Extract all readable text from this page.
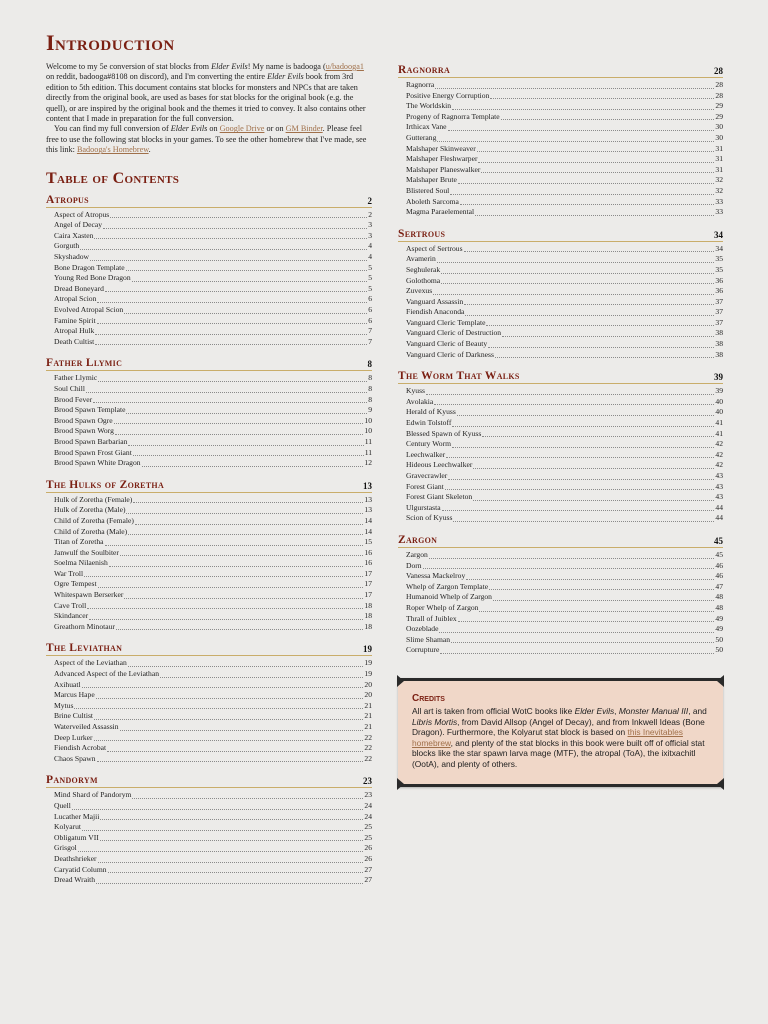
Introduction

Welcome to my 5e conversion of stat blocks from Elder Evils! My name is badooga (u/badooga1 on reddit, badooga#8108 on discord), and I'm converting the entire Elder Evils book from 3rd edition to 5th edition. This document contains stat blocks for monsters and NPCs that are taken directly from the original book, are used as bases for stat blocks for the original book (e.g. the quell), or are inspired by the original book and the themes it tried to convey. It also contains other content that I made in preparation for the full conversion.

You can find my full conversion of Elder Evils on Google Drive or on GM Binder. Please feel free to use the following stat blocks in your games. To see the other homebrew that I've made, see this link: Badooga's Homebrew.

Table of Contents
Atropus	2
Aspect of Atropus	2
Angel of Decay	3
Caira Xasten	3
Gorguth	4
Skyshadow	4
Bone Dragon Template	5
Young Red Bone Dragon	5
Dread Boneyard	5
Atropal Scion	6
Evolved Atropal Scion	6
Famine Spirit	6
Atropal Hulk	7
Death Cultist	7
Father Llymic	8
Father Llymic	8
Soul Chill	8
Brood Fever	8
Brood Spawn Template	9
Brood Spawn Ogre	10
Brood Spawn Worg	10
Brood Spawn Barbarian	11
Brood Spawn Frost Giant	11
Brood Spawn White Dragon	12
The Hulks of Zoretha	13
Hulk of Zoretha (Female)	13
Hulk of Zoretha (Male)	13
Child of Zoretha (Female)	14
Child of Zoretha (Male)	14
Titan of Zoretha	15
Janwulf the Soulbiter	16
Soelma Nilaenish	16
War Troll	17
Ogre Tempest	17
Whitespawn Berserker	17
Cave Troll	18
Skindancer	18
Greathorn Minotaur	18
The Leviathan	19
Aspect of the Leviathan	19
Advanced Aspect of the Leviathan	19
Axihuatl	20
Marcus Hape	20
Mytus	21
Brine Cultist	21
Waterveiled Assassin	21
Deep Lurker	22
Fiendish Acrobat	22
Chaos Spawn	22
Pandorym	23
Mind Shard of Pandorym	23
Quell	24
Lucather Majii	24
Kolyarut	25
Obligatum VII	25
Grisgol	26
Deathshrieker	26
Caryatid Column	27
Dread Wraith	27
Ragnorra	28
Ragnorra	28
Positive Energy Corruption	28
The Worldskin	29
Progeny of Ragnorra Template	29
Irthicax Vane	30
Gutterang	30
Malshaper Skinweaver	31
Malshaper Fleshwarper	31
Malshaper Planeswalker	31
Malshaper Brute	32
Blistered Soul	32
Aboleth Sarcoma	33
Magma Paraelemental	33
Sertrous	34
Aspect of Sertrous	34
Avamerin	35
Seghulerak	35
Golothoma	36
Zuvexus	36
Vanguard Assassin	37
Fiendish Anaconda	37
Vanguard Cleric Template	37
Vanguard Cleric of Destruction	38
Vanguard Cleric of Beauty	38
Vanguard Cleric of Darkness	38
The Worm That Walks	39
Kyuss	39
Avolakia	40
Herald of Kyuss	40
Edwin Tolstoff	41
Blessed Spawn of Kyuss	41
Century Worm	42
Leechwalker	42
Hideous Leechwalker	42
Gravecrawler	43
Forest Giant	43
Forest Giant Skeleton	43
Ulgurstasta	44
Scion of Kyuss	44
Zargon	45
Zargon	45
Dorn	46
Vanessa Mackelroy	46
Whelp of Zargon Template	47
Humanoid Whelp of Zargon	48
Roper Whelp of Zargon	48
Thrall of Juiblex	49
Oozeblade	49
Slime Shaman	50
Corrupture	50
Credits

All art is taken from official WotC books like Elder Evils, Monster Manual III, and Libris Mortis, from David Allsop (Angel of Decay), and from Inkwell Ideas (Bone Dragon). Furthermore, the Kolyarut stat block is based on this Inevitables homebrew, and plenty of the stat blocks in this book were built off of official stat blocks like the star spawn larva mage (MTF), the atropal (ToA), the ixitxachitl (OotA), and plenty of others.
